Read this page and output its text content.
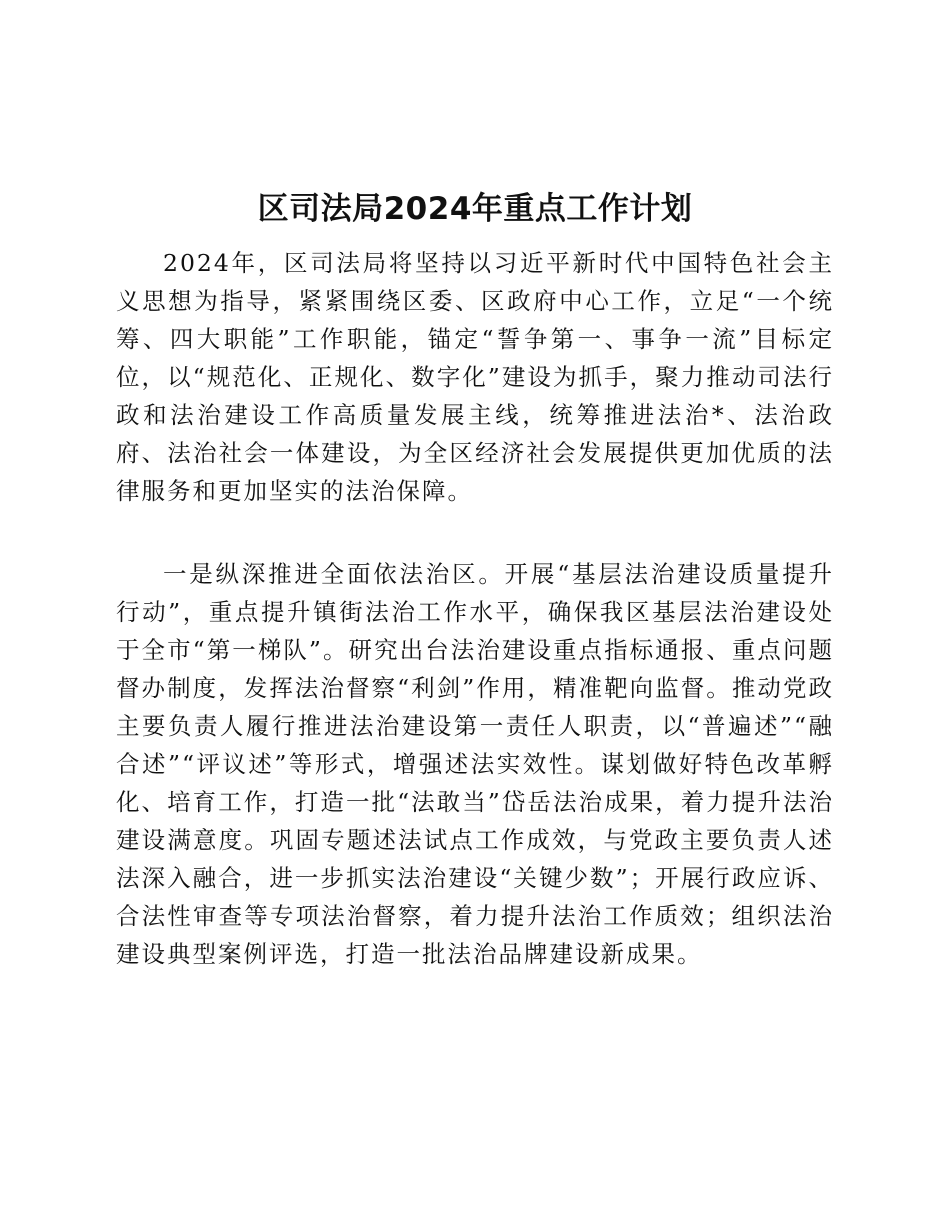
区司法局2024年重点工作计划

2024年，区司法局将坚持以习近平新时代中国特色社会主义思想为指导，紧紧围绕区委、区政府中心工作，立足“一个统筹、四大职能”工作职能，锚定“誓争第一、事争一流”目标定位，以“规范化、正规化、数字化”建设为抓手，聚力推动司法行政和法治建设工作高质量发展主线，统筹推进法治*、法治政府、法治社会一体建设，为全区经济社会发展提供更加优质的法律服务和更加坚实的法治保障。

一是纵深推进全面依法治区。开展“基层法治建设质量提升行动”，重点提升镇街法治工作水平，确保我区基层法治建设处于全市“第一梯队”。研究出台法治建设重点指标通报、重点问题督办制度，发挥法治督察“利剑”作用，精准靶向监督。推动党政主要负责人履行推进法治建设第一责任人职责，以“普遍述”“融合述”“评议述”等形式，增强述法实效性。谋划做好特色改革孵化、培育工作，打造一批“法敢当”岱岳法治成果，着力提升法治建设满意度。巩固专题述法试点工作成效，与党政主要负责人述法深入融合，进一步抓实法治建设“关键少数”；开展行政应诉、合法性审查等专项法治督察，着力提升法治工作质效；组织法治建设典型案例评选，打造一批法治品牌建设新成果。
